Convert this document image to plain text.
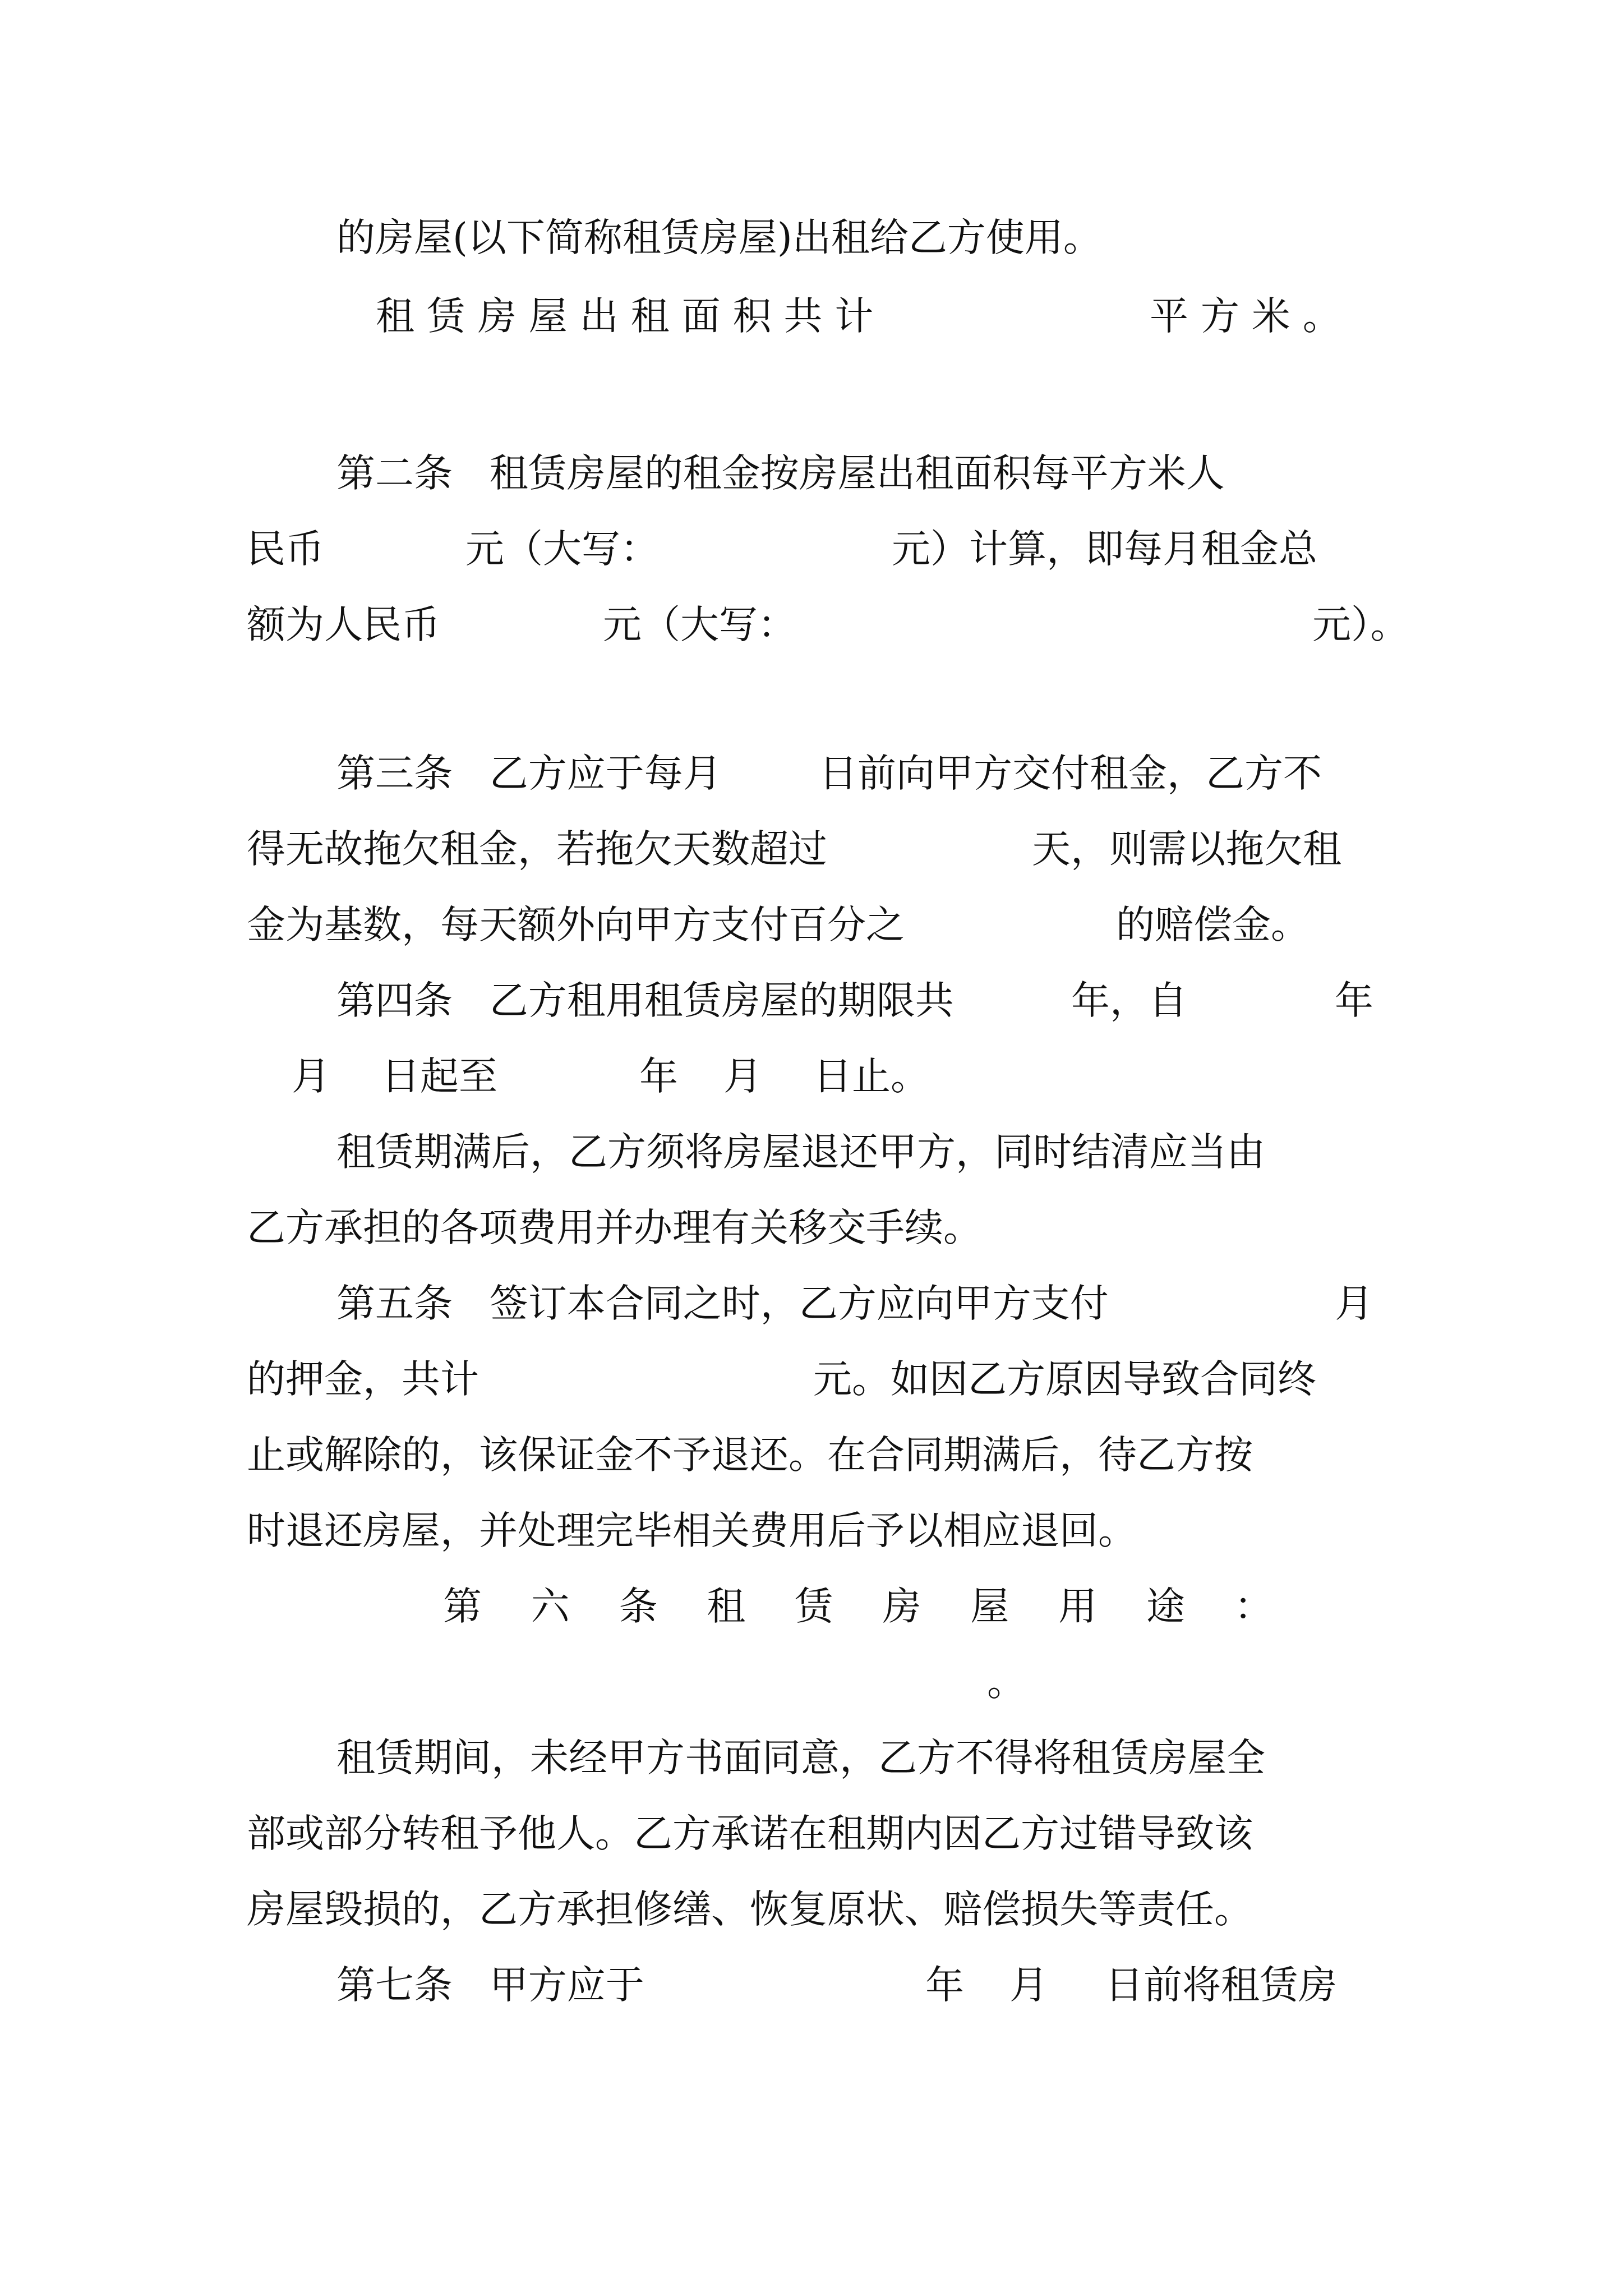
的房屋(以下简称租赁房屋)出租给乙方使用。

租 赁 房 屋 出 租 面 积 共 计	平 方 米 。

第二条   租赁房屋的租金按房屋出租面积每平方米人

民币	元（大写：	元）计算，即每月租金总

额为人民币	元（大写：	元）。

第三条   乙方应于每月	日前向甲方交付租金，乙方不

得无故拖欠租金，若拖欠天数超过	天，则需以拖欠租

金为基数，每天额外向甲方支付百分之	的赔偿金。

第四条   乙方租用租赁房屋的期限共	年，自	年

月 日起至	年 月 日止。

租赁期满后，乙方须将房屋退还甲方，同时结清应当由

乙方承担的各项费用并办理有关移交手续。

第五条   签订本合同之时，乙方应向甲方支付	月

的押金，共计	元。如因乙方原因导致合同终

止或解除的，该保证金不予退还。在合同期满后，待乙方按

时退还房屋，并处理完毕相关费用后予以相应退回。

第    六    条    租    赁    房    屋    用    途    ：

。

租赁期间，未经甲方书面同意，乙方不得将租赁房屋全

部或部分转租予他人。乙方承诺在租期内因乙方过错导致该

房屋毁损的，乙方承担修缮、恢复原状、赔偿损失等责任。

第七条   甲方应于	年 月 日前将租赁房
